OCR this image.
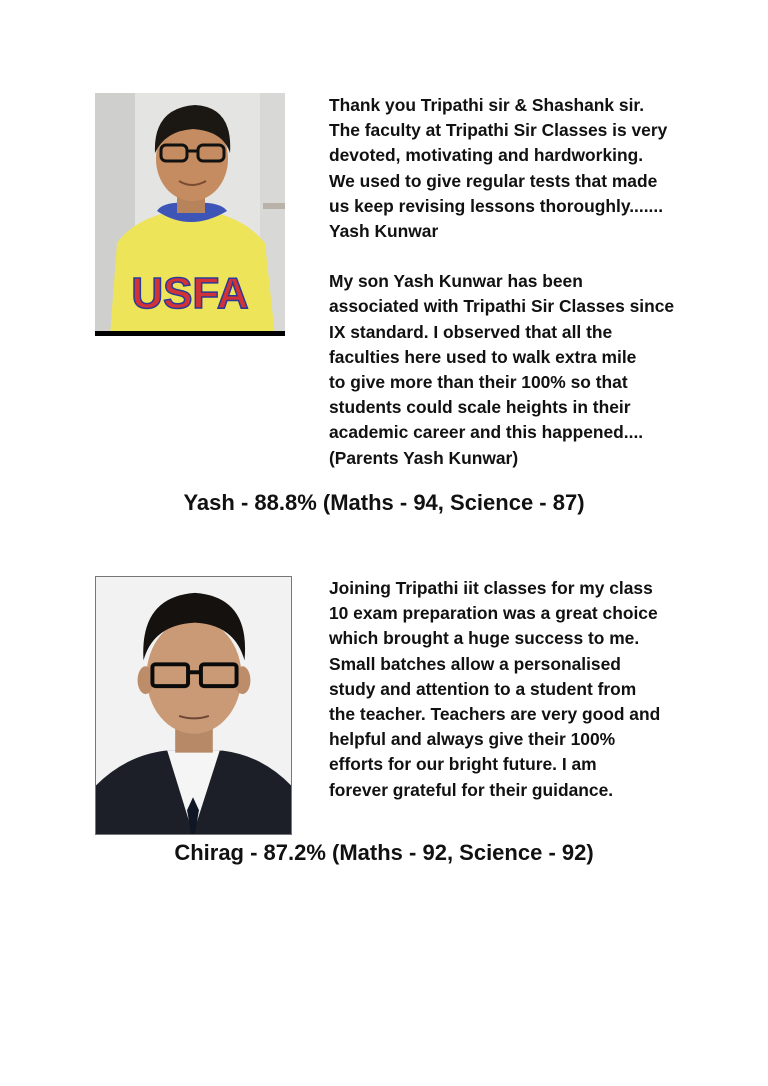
USFA

Thank you Tripathi sir & Shashank sir.
The faculty at Tripathi Sir Classes is very
devoted, motivating and hardworking.
We used to give regular tests that made
us keep revising lessons thoroughly.......
Yash Kunwar

My son Yash Kunwar has been
associated with Tripathi Sir Classes since
IX standard. I observed that all the
faculties here used to walk extra mile
to give more than their 100% so that
students could scale heights in their
academic career and this happened....
(Parents Yash Kunwar)

Yash - 88.8% (Maths - 94, Science - 87)

Joining Tripathi iit classes for my class
10 exam preparation was a great choice
which brought a huge success to me.
Small batches allow a personalised
study and attention to a student from
the teacher. Teachers are very good and
helpful and always give their 100%
efforts for our bright future. I am
forever grateful for their guidance.

Chirag - 87.2% (Maths - 92, Science - 92)
